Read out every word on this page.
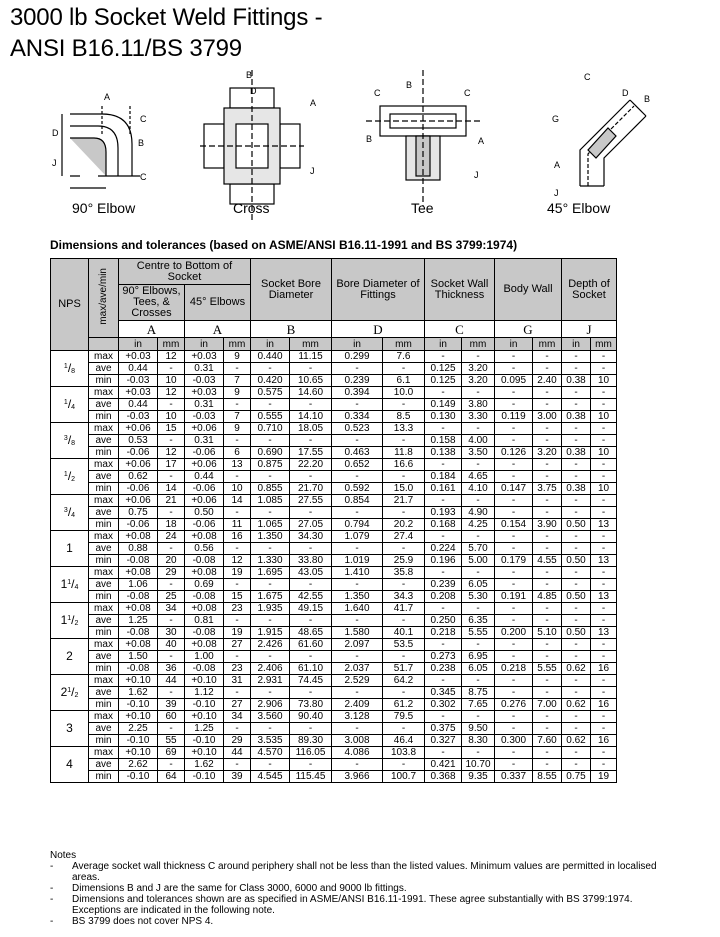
3000 lb Socket Weld Fittings -
ANSI B16.11/BS 3799
D
J
A
C
B
C
B
D
A
J
B
C	C
B	A
J
A
J
G
C
D
B
90° Elbow	Cross	Tee	45° Elbow
Dimensions and tolerances (based on ASME/ANSI B16.11-1991 and BS 3799:1974)
NPS	max/ave/min	Centre to Bottom of Socket				Socket Bore Diameter		Bore Diameter of Fittings		Socket Wall Thickness		Body Wall		Depth of Socket	
		90° Elbows, Tees, & Crosses		45° Elbows											
		A		A		B		D		C		G		J	
		in	mm	in	mm	in	mm	in	mm	in	mm	in	mm	in	mm
$^1/_8$	max	+0.03	12	+0.03	9	0.440	11.15	0.299	7.6	-	-	-	-	-	-
	ave	0.44	-	0.31	-	-	-	-	-	0.125	3.20	-	-	-	-
	min	-0.03	10	-0.03	7	0.420	10.65	0.239	6.1	0.125	3.20	0.095	2.40	0.38	10
$^1/_4$	max	+0.03	12	+0.03	9	0.575	14.60	0.394	10.0	-	-	-	-	-	-
	ave	0.44	-	0.31	-	-	-	-	-	0.149	3.80	-	-	-	-
	min	-0.03	10	-0.03	7	0.555	14.10	0.334	8.5	0.130	3.30	0.119	3.00	0.38	10
$^3/_8$	max	+0.06	15	+0.06	9	0.710	18.05	0.523	13.3	-	-	-	-	-	-
	ave	0.53	-	0.31	-	-	-	-	-	0.158	4.00	-	-	-	-
	min	-0.06	12	-0.06	6	0.690	17.55	0.463	11.8	0.138	3.50	0.126	3.20	0.38	10
$^1/_2$	max	+0.06	17	+0.06	13	0.875	22.20	0.652	16.6	-	-	-	-	-	-
	ave	0.62	-	0.44	-	-	-	-	-	0.184	4.65	-	-	-	-
	min	-0.06	14	-0.06	10	0.855	21.70	0.592	15.0	0.161	4.10	0.147	3.75	0.38	10
$^3/_4$	max	+0.06	21	+0.06	14	1.085	27.55	0.854	21.7	-	-	-	-	-	-
	ave	0.75	-	0.50	-	-	-	-	-	0.193	4.90	-	-	-	-
	min	-0.06	18	-0.06	11	1.065	27.05	0.794	20.2	0.168	4.25	0.154	3.90	0.50	13
1	max	+0.08	24	+0.08	16	1.350	34.30	1.079	27.4	-	-	-	-	-	-
	ave	0.88	-	0.56	-	-	-	-	-	0.224	5.70	-	-	-	-
	min	-0.08	20	-0.08	12	1.330	33.80	1.019	25.9	0.196	5.00	0.179	4.55	0.50	13
$1^1/_4$	max	+0.08	29	+0.08	19	1.695	43.05	1.410	35.8	-	-	-	-	-	-
	ave	1.06	-	0.69	-	-	-	-	-	0.239	6.05	-	-	-	-
	min	-0.08	25	-0.08	15	1.675	42.55	1.350	34.3	0.208	5.30	0.191	4.85	0.50	13
$1^1/_2$	max	+0.08	34	+0.08	23	1.935	49.15	1.640	41.7	-	-	-	-	-	-
	ave	1.25	-	0.81	-	-	-	-	-	0.250	6.35	-	-	-	-
	min	-0.08	30	-0.08	19	1.915	48.65	1.580	40.1	0.218	5.55	0.200	5.10	0.50	13
2	max	+0.08	40	+0.08	27	2.426	61.60	2.097	53.5	-	-	-	-	-	-
	ave	1.50	-	1.00	-	-	-	-	-	0.273	6.95	-	-	-	-
	min	-0.08	36	-0.08	23	2.406	61.10	2.037	51.7	0.238	6.05	0.218	5.55	0.62	16
$2^1/_2$	max	+0.10	44	+0.10	31	2.931	74.45	2.529	64.2	-	-	-	-	-	-
	ave	1.62	-	1.12	-	-	-	-	-	0.345	8.75	-	-	-	-
	min	-0.10	39	-0.10	27	2.906	73.80	2.409	61.2	0.302	7.65	0.276	7.00	0.62	16
3	max	+0.10	60	+0.10	34	3.560	90.40	3.128	79.5	-	-	-	-	-	-
	ave	2.25	-	1.25	-	-	-	-	-	0.375	9.50	-	-	-	-
	min	-0.10	55	-0.10	29	3.535	89.30	3.008	46.4	0.327	8.30	0.300	7.60	0.62	16
4	max	+0.10	69	+0.10	44	4.570	116.05	4.086	103.8	-	-	-	-	-	-
	ave	2.62	-	1.62	-	-	-	-	-	0.421	10.70	-	-	-	-
	min	-0.10	64	-0.10	39	4.545	115.45	3.966	100.7	0.368	9.35	0.337	8.55	0.75	19
Notes
-	Average socket wall thickness C around periphery shall not be less than the listed values. Minimum values are permitted in localised areas.
-	Dimensions B and J are the same for Class 3000, 6000 and 9000 lb fittings.
-	Dimensions and tolerances shown are as specified in ASME/ANSI B16.11-1991. These agree substantially with BS 3799:1974. Exceptions are indicated in the following note.
-	BS 3799 does not cover NPS 4.
